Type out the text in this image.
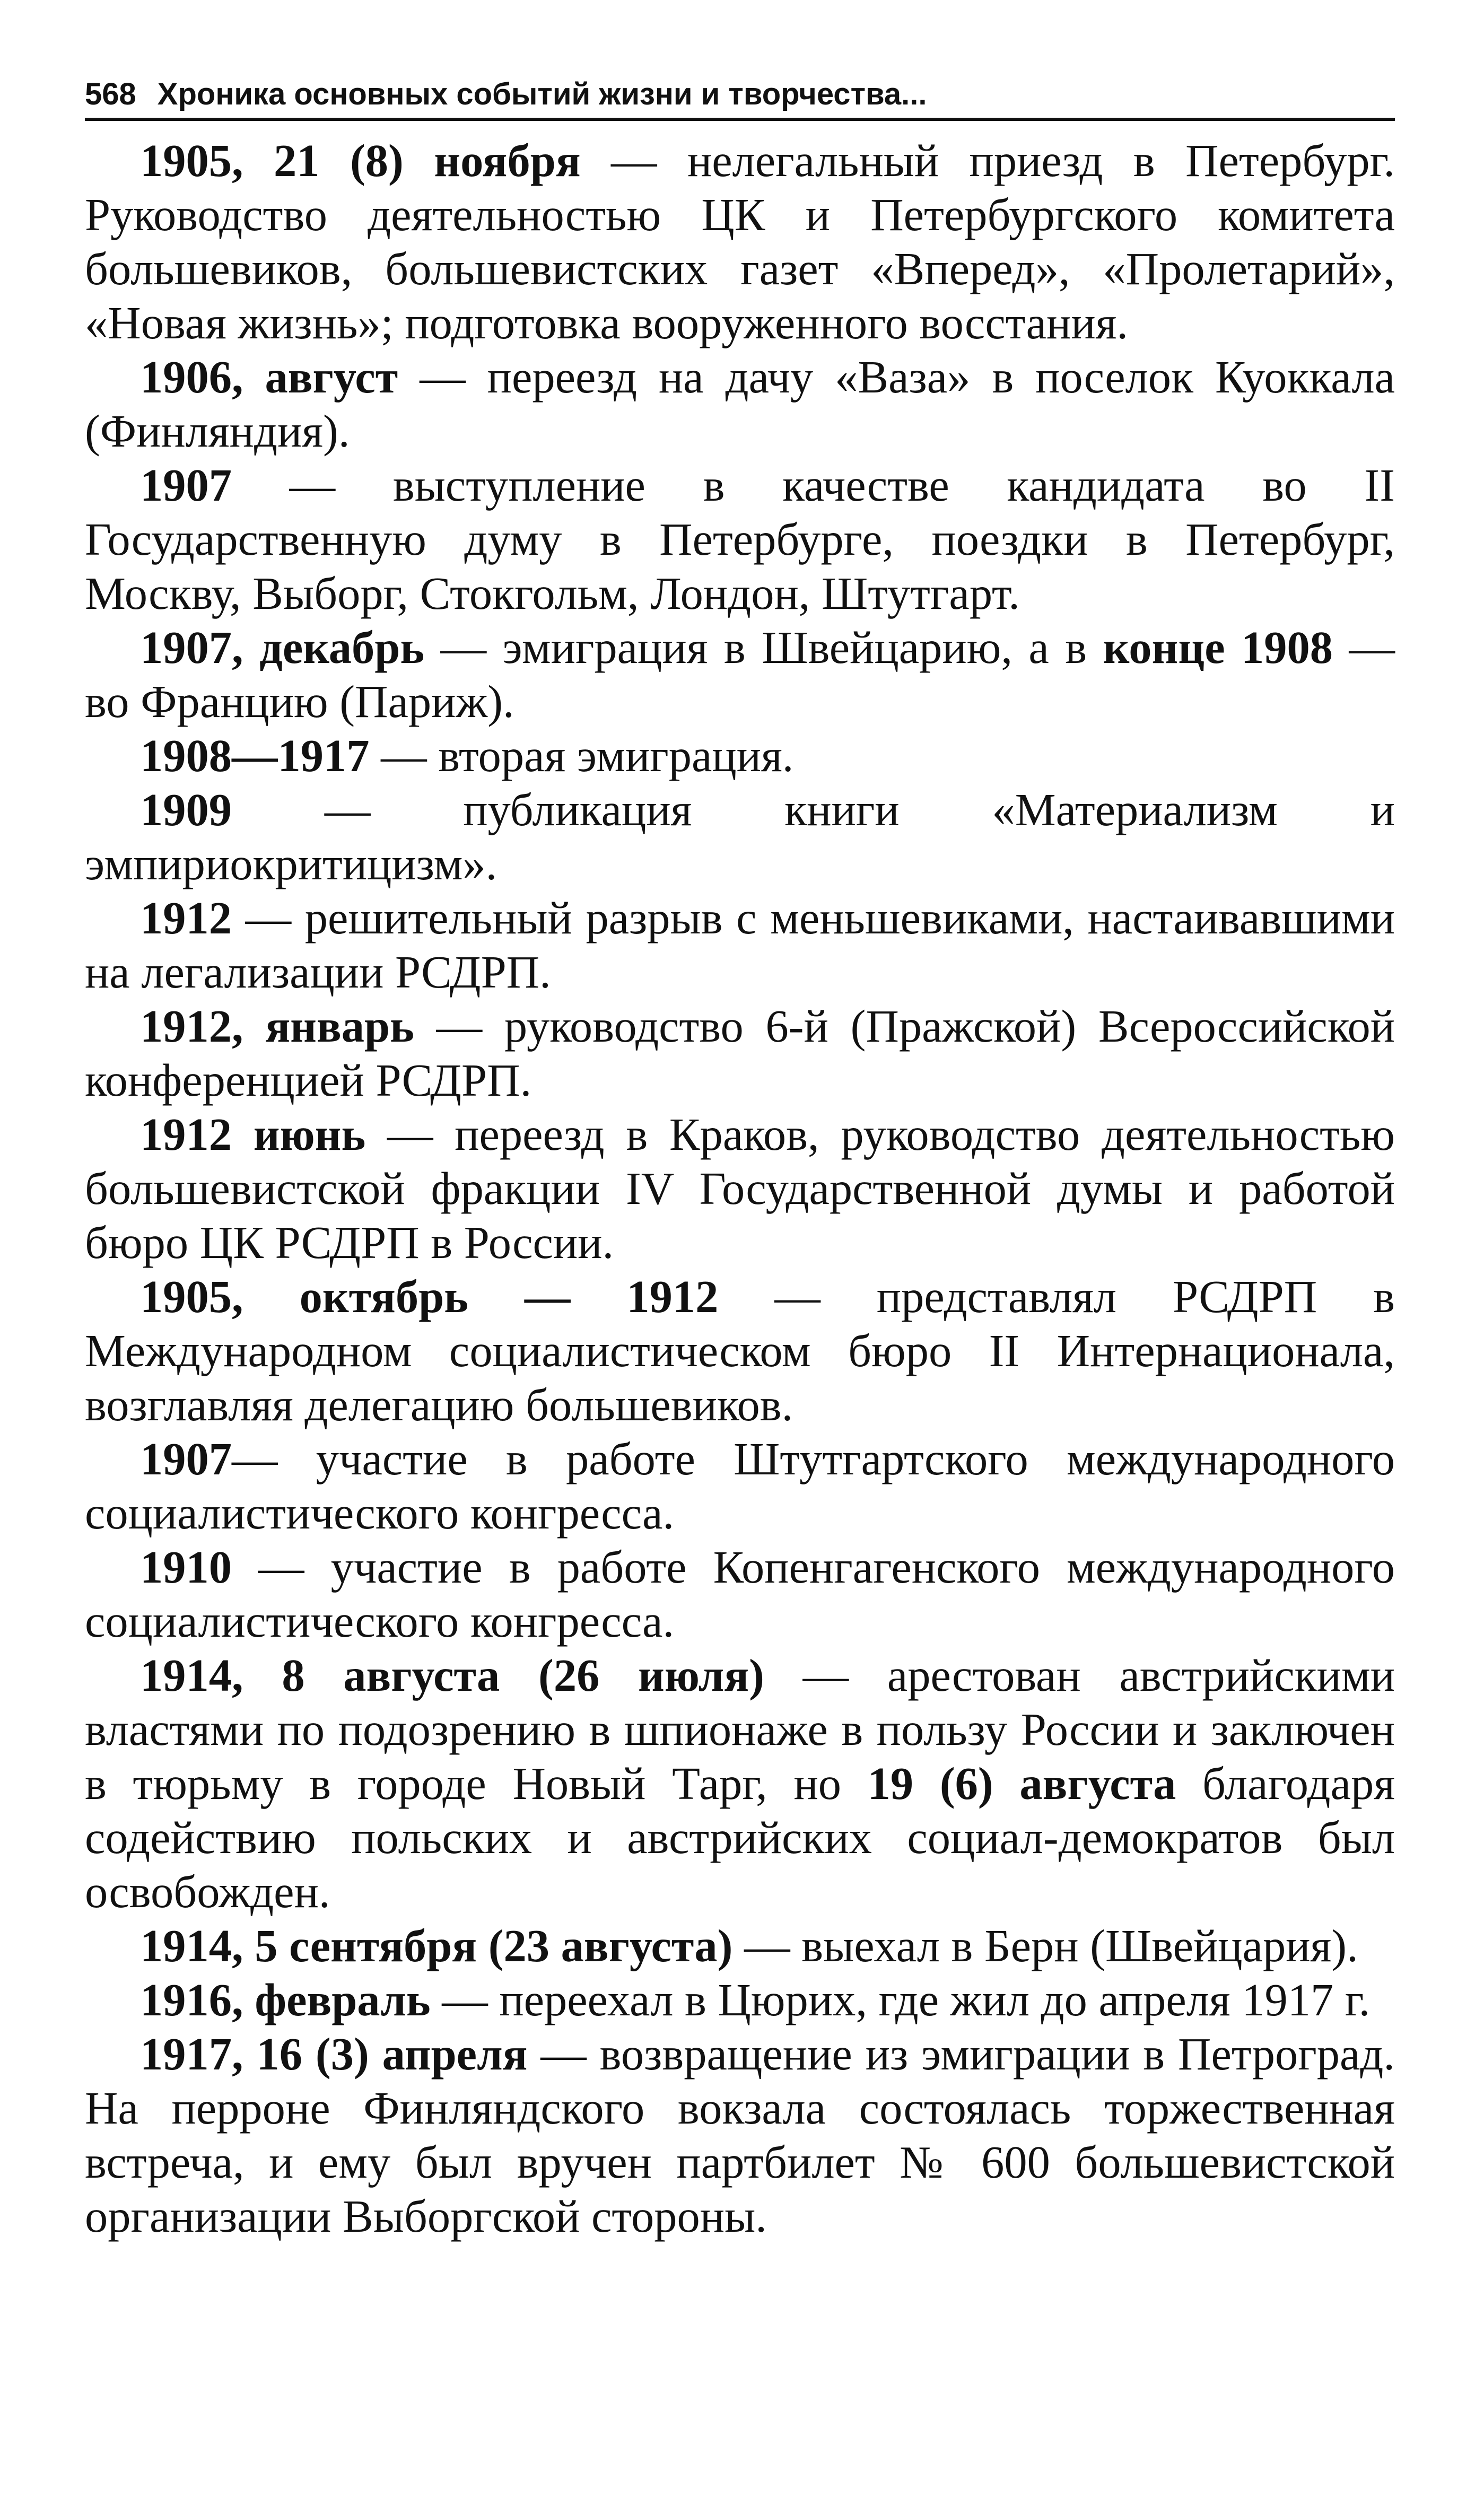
568 Хроника основных событий жизни и творчества...

1905, 21 (8) ноября — нелегальный приезд в Петербург. Руководство деятельностью ЦК и Петербургского комитета большевиков, большевистских газет «Вперед», «Пролетарий», «Новая жизнь»; подготовка вооруженного восстания.

1906, август — переезд на дачу «Ваза» в поселок Куоккала (Финляндия).

1907 — выступление в качестве кандидата во II Государственную думу в Петербурге, поездки в Петербург, Москву, Выборг, Стокгольм, Лондон, Штутгарт.

1907, декабрь — эмиграция в Швейцарию, а в конце 1908 — во Францию (Париж).

1908—1917 — вторая эмиграция.

1909 — публикация книги «Материализм и эмпириокритицизм».

1912 — решительный разрыв с меньшевиками, настаивавшими на легализации РСДРП.

1912, январь — руководство 6-й (Пражской) Всероссийской конференцией РСДРП.

1912 июнь — переезд в Краков, руководство деятельностью большевистской фракции IV Государственной думы и работой бюро ЦК РСДРП в России.

1905, октябрь — 1912 — представлял РСДРП в Международном социалистическом бюро II Интернационала, возглавляя делегацию большевиков.

1907— участие в работе Штутгартского международного социалистического конгресса.

1910 — участие в работе Копенгагенского международного социалистического конгресса.

1914, 8 августа (26 июля) — арестован австрийскими властями по подозрению в шпионаже в пользу России и заключен в тюрьму в городе Новый Тарг, но 19 (6) августа благодаря содействию польских и австрийских социал-демократов был освобожден.

1914, 5 сентября (23 августа) — выехал в Берн (Швейцария).

1916, февраль — переехал в Цюрих, где жил до апреля 1917 г.

1917, 16 (3) апреля — возвращение из эмиграции в Петроград. На перроне Финляндского вокзала состоялась торжественная встреча, и ему был вручен партбилет № 600 большевистской организации Выборгской стороны.
